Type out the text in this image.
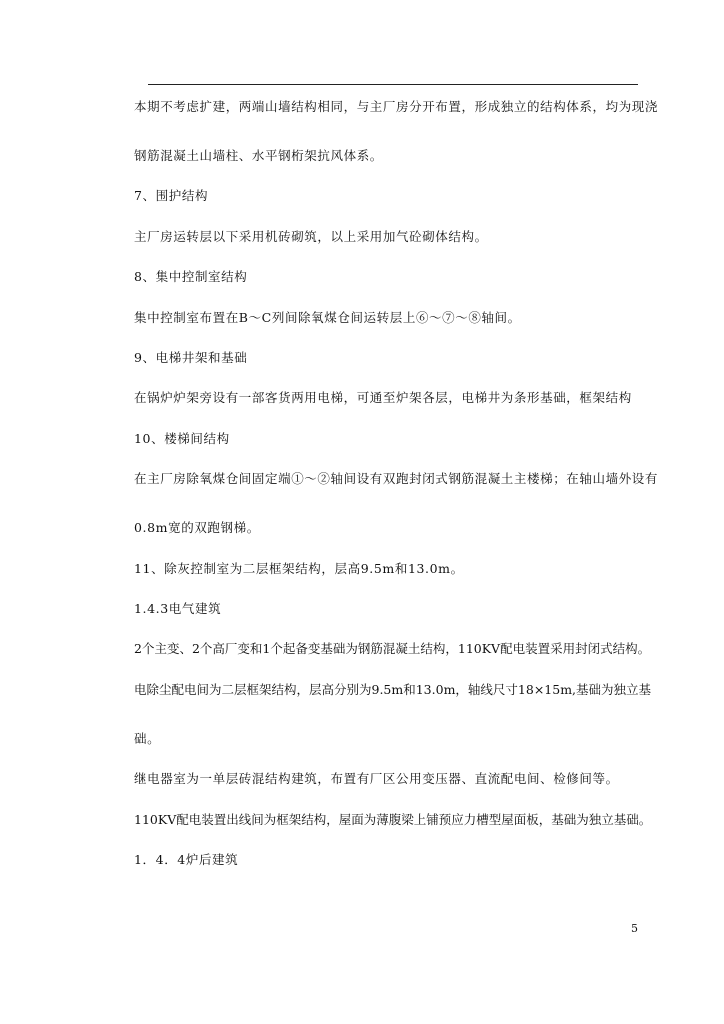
本期不考虑扩建，两端山墙结构相同，与主厂房分开布置，形成独立的结构体系，均为现浇
钢筋混凝土山墙柱、水平钢桁架抗风体系。
7、围护结构
主厂房运转层以下采用机砖砌筑，以上采用加气砼砌体结构。
8、集中控制室结构
集中控制室布置在B～C列间除氧煤仓间运转层上⑥～⑦～⑧轴间。
9、电梯井架和基础
在锅炉炉架旁设有一部客货两用电梯，可通至炉架各层，电梯井为条形基础，框架结构
10、楼梯间结构
在主厂房除氧煤仓间固定端①～②轴间设有双跑封闭式钢筋混凝土主楼梯；在轴山墙外设有
0.8m宽的双跑钢梯。
11、除灰控制室为二层框架结构，层高9.5m和13.0m。
1.4.3电气建筑
2个主变、2个高厂变和1个起备变基础为钢筋混凝土结构，110KV配电装置采用封闭式结构。
电除尘配电间为二层框架结构，层高分别为9.5m和13.0m，轴线尺寸18×15m,基础为独立基
础。
继电器室为一单层砖混结构建筑，布置有厂区公用变压器、直流配电间、检修间等。
110KV配电装置出线间为框架结构，屋面为薄腹梁上铺预应力槽型屋面板，基础为独立基础。
1．4．4炉后建筑
5
